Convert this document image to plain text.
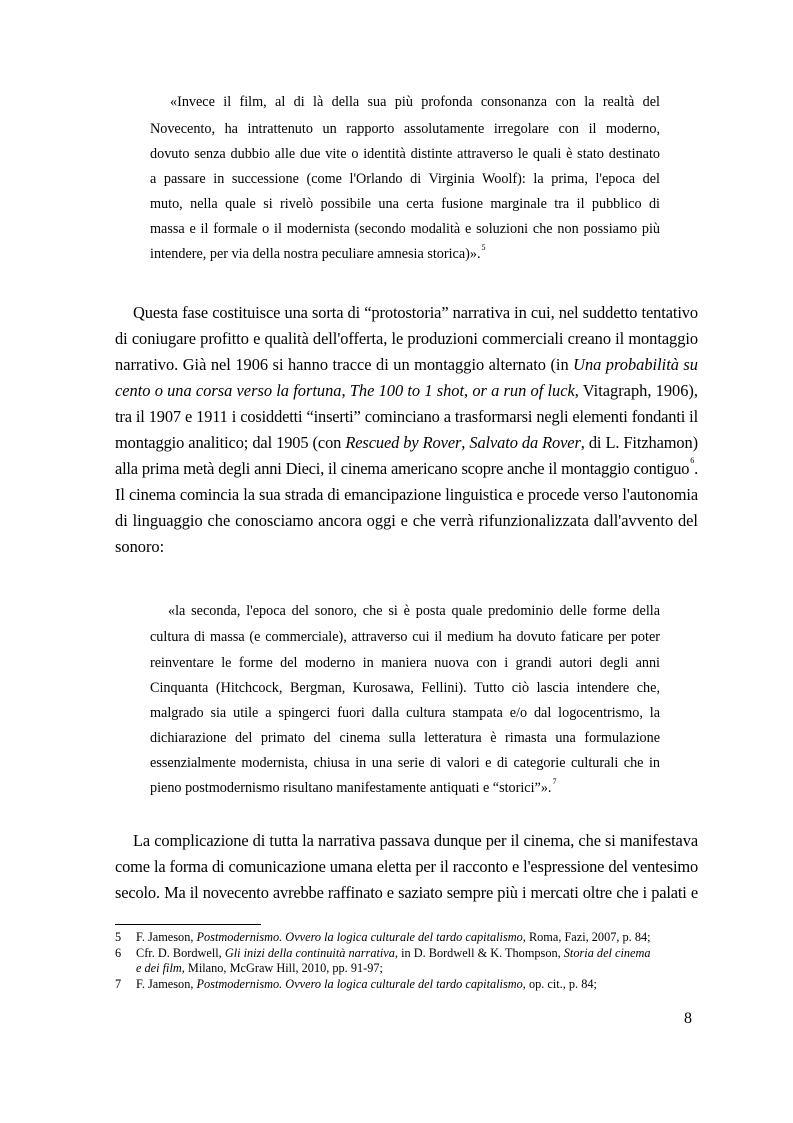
«Invece il film, al di là della sua più profonda consonanza con la realtà del
Novecento, ha intrattenuto un rapporto assolutamente irregolare con il moderno,
dovuto senza dubbio alle due vite o identità distinte attraverso le quali è stato destinato
a passare in successione (come l'Orlando di Virginia Woolf): la prima, l'epoca del
muto, nella quale si rivelò possibile una certa fusione marginale tra il pubblico di
massa e il formale o il modernista (secondo modalità e soluzioni che non possiamo più
intendere, per via della nostra peculiare amnesia storica)».$^5$
Questa fase costituisce una sorta di “protostoria” narrativa in cui, nel suddetto tentativo
di coniugare profitto e qualità dell'offerta, le produzioni commerciali creano il montaggio
narrativo. Già nel 1906 si hanno tracce di un montaggio alternato (in Una probabilità su
cento o una corsa verso la fortuna, The 100 to 1 shot, or a run of luck, Vitagraph, 1906),
tra il 1907 e 1911 i cosiddetti “inserti” cominciano a trasformarsi negli elementi fondanti il
montaggio analitico; dal 1905 (con Rescued by Rover, Salvato da Rover, di L. Fitzhamon)
alla prima metà degli anni Dieci, il cinema americano scopre anche il montaggio contiguo$^6$.
Il cinema comincia la sua strada di emancipazione linguistica e procede verso l'autonomia
di linguaggio che conosciamo ancora oggi e che verrà rifunzionalizzata dall'avvento del
sonoro:
«la seconda, l'epoca del sonoro, che si è posta quale predominio delle forme della
cultura di massa (e commerciale), attraverso cui il medium ha dovuto faticare per poter
reinventare le forme del moderno in maniera nuova con i grandi autori degli anni
Cinquanta (Hitchcock, Bergman, Kurosawa, Fellini). Tutto ciò lascia intendere che,
malgrado sia utile a spingerci fuori dalla cultura stampata e/o dal logocentrismo, la
dichiarazione del primato del cinema sulla letteratura è rimasta una formulazione
essenzialmente modernista, chiusa in una serie di valori e di categorie culturali che in
pieno postmodernismo risultano manifestamente antiquati e “storici”».$^7$
La complicazione di tutta la narrativa passava dunque per il cinema, che si manifestava
come la forma di comunicazione umana eletta per il racconto e l'espressione del ventesimo
secolo. Ma il novecento avrebbe raffinato e saziato sempre più i mercati oltre che i palati e
5 F. Jameson, Postmodernismo. Ovvero la logica culturale del tardo capitalismo, Roma, Fazi, 2007, p. 84;
6 Cfr. D. Bordwell, Gli inizi della continuità narrativa, in D. Bordwell & K. Thompson, Storia del cinema
e dei film, Milano, McGraw Hill, 2010, pp. 91-97;
7 F. Jameson, Postmodernismo. Ovvero la logica culturale del tardo capitalismo, op. cit., p. 84;
8
